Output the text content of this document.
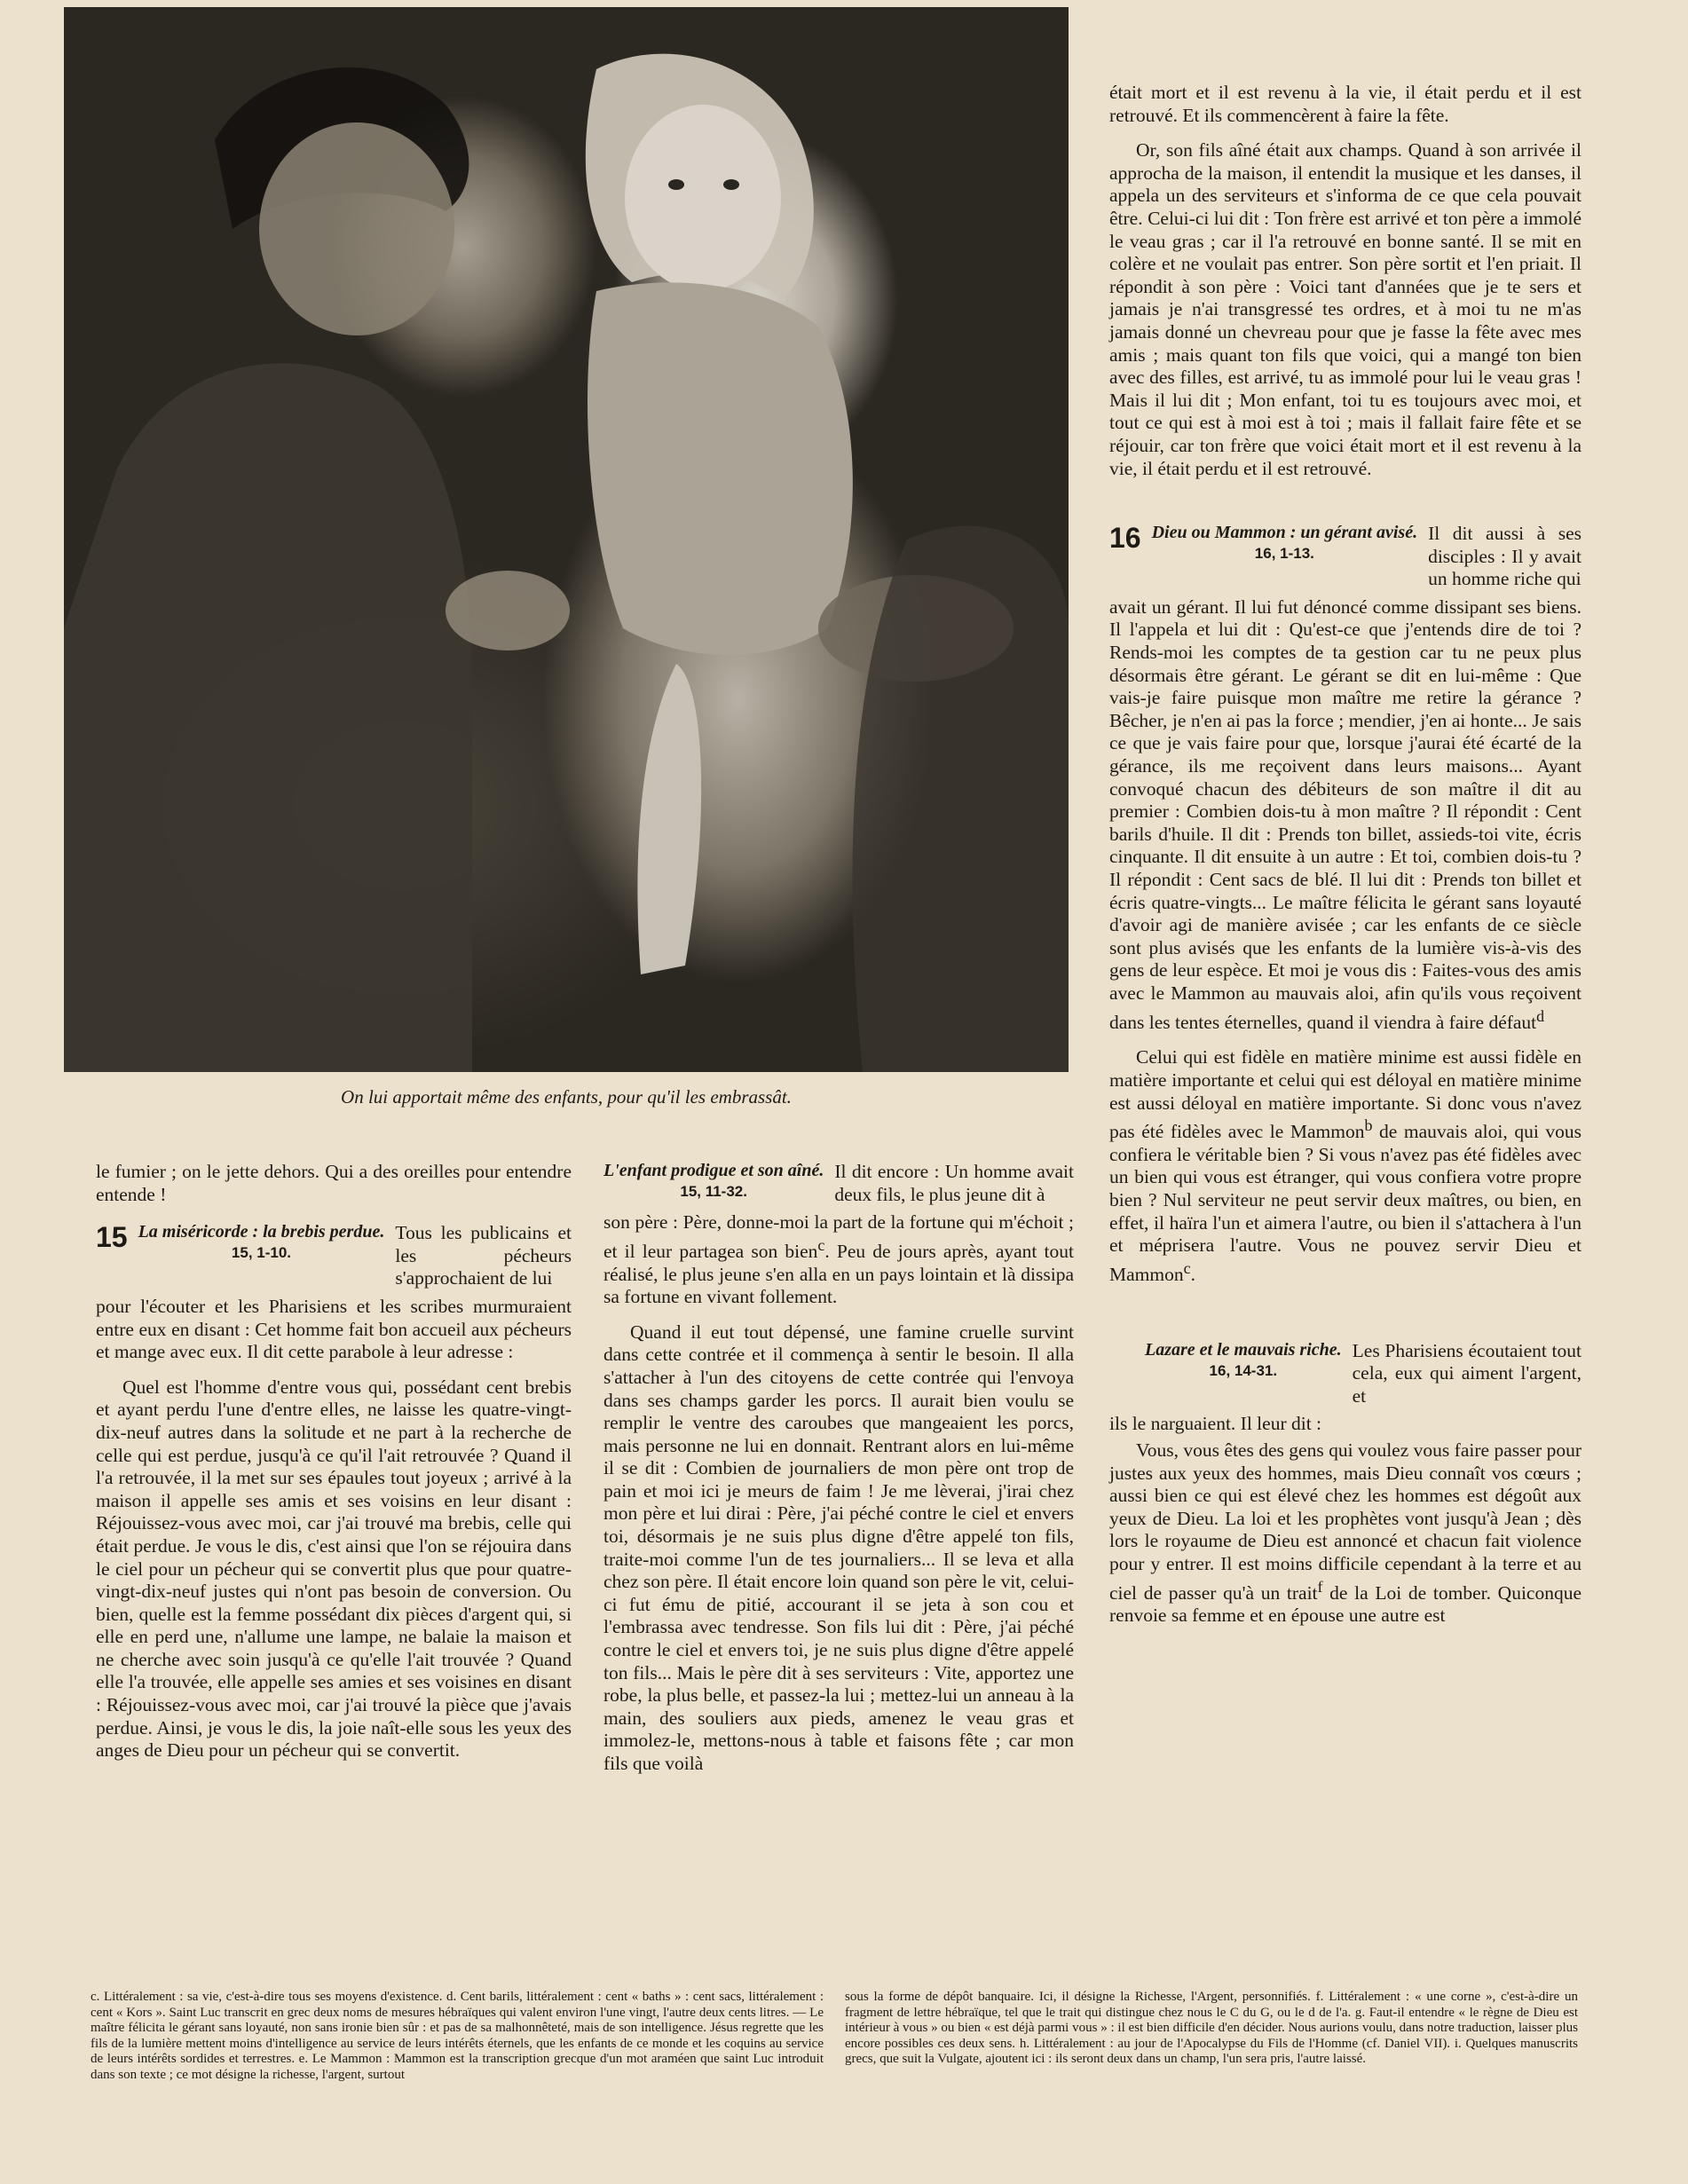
On lui apportait même des enfants, pour qu'il les embrassât.

était mort et il est revenu à la vie, il était perdu et il est retrouvé. Et ils commencèrent à faire la fête.

Or, son fils aîné était aux champs. Quand à son arrivée il approcha de la maison, il entendit la musique et les danses, il appela un des serviteurs et s'informa de ce que cela pouvait être. Celui-ci lui dit : Ton frère est arrivé et ton père a immolé le veau gras ; car il l'a retrouvé en bonne santé. Il se mit en colère et ne voulait pas entrer. Son père sortit et l'en priait. Il répondit à son père : Voici tant d'années que je te sers et jamais je n'ai transgressé tes ordres, et à moi tu ne m'as jamais donné un chevreau pour que je fasse la fête avec mes amis ; mais quant ton fils que voici, qui a mangé ton bien avec des filles, est arrivé, tu as immolé pour lui le veau gras ! Mais il lui dit ; Mon enfant, toi tu es toujours avec moi, et tout ce qui est à moi est à toi ; mais il fallait faire fête et se réjouir, car ton frère que voici était mort et il est revenu à la vie, il était perdu et il est retrouvé.

16 Dieu ou Mammon : un gérant avisé.
16, 1-13.
Il dit aussi à ses disciples : Il y avait un homme riche qui

avait un gérant. Il lui fut dénoncé comme dissipant ses biens. Il l'appela et lui dit : Qu'est-ce que j'entends dire de toi ? Rends-moi les comptes de ta gestion car tu ne peux plus désormais être gérant. Le gérant se dit en lui-même : Que vais-je faire puisque mon maître me retire la gérance ? Bêcher, je n'en ai pas la force ; mendier, j'en ai honte... Je sais ce que je vais faire pour que, lorsque j'aurai été écarté de la gérance, ils me reçoivent dans leurs maisons... Ayant convoqué chacun des débiteurs de son maître il dit au premier : Combien dois-tu à mon maître ? Il répondit : Cent barils d'huile. Il dit : Prends ton billet, assieds-toi vite, écris cinquante. Il dit ensuite à un autre : Et toi, combien dois-tu ? Il répondit : Cent sacs de blé. Il lui dit : Prends ton billet et écris quatre-vingts... Le maître félicita le gérant sans loyauté d'avoir agi de manière avisée ; car les enfants de ce siècle sont plus avisés que les enfants de la lumière vis-à-vis des gens de leur espèce. Et moi je vous dis : Faites-vous des amis avec le Mammon au mauvais aloi, afin qu'ils vous reçoivent dans les tentes éternelles, quand il viendra à faire défaut$^d$

Celui qui est fidèle en matière minime est aussi fidèle en matière importante et celui qui est déloyal en matière minime est aussi déloyal en matière importante. Si donc vous n'avez pas été fidèles avec le Mammon$^b$ de mauvais aloi, qui vous confiera le véritable bien ? Si vous n'avez pas été fidèles avec un bien qui vous est étranger, qui vous confiera votre propre bien ? Nul serviteur ne peut servir deux maîtres, ou bien, en effet, il haïra l'un et aimera l'autre, ou bien il s'attachera à l'un et méprisera l'autre. Vous ne pouvez servir Dieu et Mammon$^c$.

Lazare et le mauvais riche.
16, 14-31.
Les Pharisiens écoutaient tout cela, eux qui aiment l'argent, et

ils le narguaient. Il leur dit :

Vous, vous êtes des gens qui voulez vous faire passer pour justes aux yeux des hommes, mais Dieu connaît vos cœurs ; aussi bien ce qui est élevé chez les hommes est dégoût aux yeux de Dieu. La loi et les prophètes vont jusqu'à Jean ; dès lors le royaume de Dieu est annoncé et chacun fait violence pour y entrer. Il est moins difficile cependant à la terre et au ciel de passer qu'à un trait$^f$ de la Loi de tomber. Quiconque renvoie sa femme et en épouse une autre est

le fumier ; on le jette dehors. Qui a des oreilles pour entendre entende !

15 La miséricorde : la brebis perdue.
15, 1-10.
Tous les publicains et les pécheurs s'approchaient de lui

pour l'écouter et les Pharisiens et les scribes murmuraient entre eux en disant : Cet homme fait bon accueil aux pécheurs et mange avec eux. Il dit cette parabole à leur adresse :

Quel est l'homme d'entre vous qui, possédant cent brebis et ayant perdu l'une d'entre elles, ne laisse les quatre-vingt-dix-neuf autres dans la solitude et ne part à la recherche de celle qui est perdue, jusqu'à ce qu'il l'ait retrouvée ? Quand il l'a retrouvée, il la met sur ses épaules tout joyeux ; arrivé à la maison il appelle ses amis et ses voisins en leur disant : Réjouissez-vous avec moi, car j'ai trouvé ma brebis, celle qui était perdue. Je vous le dis, c'est ainsi que l'on se réjouira dans le ciel pour un pécheur qui se convertit plus que pour quatre-vingt-dix-neuf justes qui n'ont pas besoin de conversion. Ou bien, quelle est la femme possédant dix pièces d'argent qui, si elle en perd une, n'allume une lampe, ne balaie la maison et ne cherche avec soin jusqu'à ce qu'elle l'ait trouvée ? Quand elle l'a trouvée, elle appelle ses amies et ses voisines en disant : Réjouissez-vous avec moi, car j'ai trouvé la pièce que j'avais perdue. Ainsi, je vous le dis, la joie naît-elle sous les yeux des anges de Dieu pour un pécheur qui se convertit.

L'enfant prodigue et son aîné.
15, 11-32.
Il dit encore : Un homme avait deux fils, le plus jeune dit à

son père : Père, donne-moi la part de la fortune qui m'échoit ; et il leur partagea son bien$^c$. Peu de jours après, ayant tout réalisé, le plus jeune s'en alla en un pays lointain et là dissipa sa fortune en vivant follement.

Quand il eut tout dépensé, une famine cruelle survint dans cette contrée et il commença à sentir le besoin. Il alla s'attacher à l'un des citoyens de cette contrée qui l'envoya dans ses champs garder les porcs. Il aurait bien voulu se remplir le ventre des caroubes que mangeaient les porcs, mais personne ne lui en donnait. Rentrant alors en lui-même il se dit : Combien de journaliers de mon père ont trop de pain et moi ici je meurs de faim ! Je me lèverai, j'irai chez mon père et lui dirai : Père, j'ai péché contre le ciel et envers toi, désormais je ne suis plus digne d'être appelé ton fils, traite-moi comme l'un de tes journaliers... Il se leva et alla chez son père. Il était encore loin quand son père le vit, celui-ci fut ému de pitié, accourant il se jeta à son cou et l'embrassa avec tendresse. Son fils lui dit : Père, j'ai péché contre le ciel et envers toi, je ne suis plus digne d'être appelé ton fils... Mais le père dit à ses serviteurs : Vite, apportez une robe, la plus belle, et passez-la lui ; mettez-lui un anneau à la main, des souliers aux pieds, amenez le veau gras et immolez-le, mettons-nous à table et faisons fête ; car mon fils que voilà

c. Littéralement : sa vie, c'est-à-dire tous ses moyens d'existence. d. Cent barils, littéralement : cent « baths » : cent sacs, littéralement : cent « Kors ». Saint Luc transcrit en grec deux noms de mesures hébraïques qui valent environ l'une vingt, l'autre deux cents litres. — Le maître félicita le gérant sans loyauté, non sans ironie bien sûr : et pas de sa malhonnêteté, mais de son intelligence. Jésus regrette que les fils de la lumière mettent moins d'intelligence au service de leurs intérêts éternels, que les enfants de ce monde et les coquins au service de leurs intérêts sordides et terrestres. e. Le Mammon : Mammon est la transcription grecque d'un mot araméen que saint Luc introduit dans son texte ; ce mot désigne la richesse, l'argent, surtout
sous la forme de dépôt banquaire. Ici, il désigne la Richesse, l'Argent, personnifiés. f. Littéralement : « une corne », c'est-à-dire un fragment de lettre hébraïque, tel que le trait qui distingue chez nous le C du G, ou le d de l'a. g. Faut-il entendre « le règne de Dieu est intérieur à vous » ou bien « est déjà parmi vous » : il est bien difficile d'en décider. Nous aurions voulu, dans notre traduction, laisser plus encore possibles ces deux sens. h. Littéralement : au jour de l'Apocalypse du Fils de l'Homme (cf. Daniel VII). i. Quelques manuscrits grecs, que suit la Vulgate, ajoutent ici : ils seront deux dans un champ, l'un sera pris, l'autre laissé.
